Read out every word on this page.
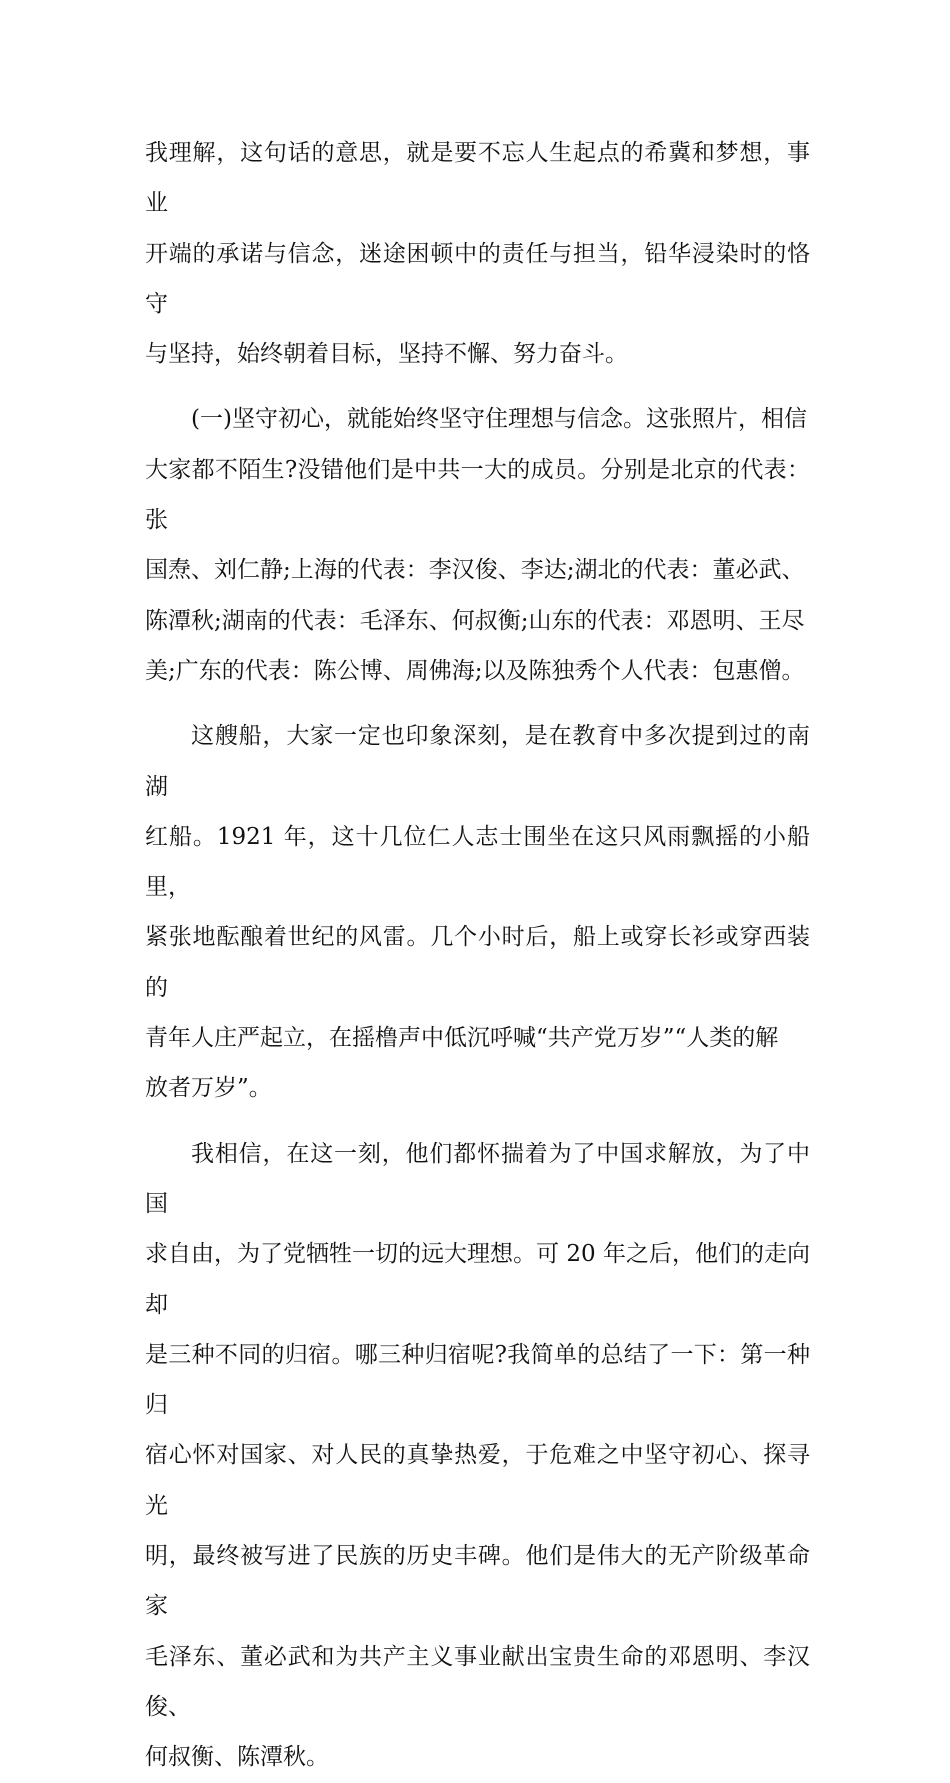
我理解，这句话的意思，就是要不忘人生起点的希冀和梦想，事业
开端的承诺与信念，迷途困顿中的责任与担当，铅华浸染时的恪守
与坚持，始终朝着目标，坚持不懈、努力奋斗。

(一)坚守初心，就能始终坚守住理想与信念。这张照片，相信
大家都不陌生?没错他们是中共一大的成员。分别是北京的代表：张
国焘、刘仁静;上海的代表：李汉俊、李达;湖北的代表：董必武、
陈潭秋;湖南的代表：毛泽东、何叔衡;山东的代表：邓恩明、王尽
美;广东的代表：陈公博、周佛海;以及陈独秀个人代表：包惠僧。

这艘船，大家一定也印象深刻，是在教育中多次提到过的南湖
红船。1921 年，这十几位仁人志士围坐在这只风雨飘摇的小船里，
紧张地酝酿着世纪的风雷。几个小时后，船上或穿长衫或穿西装的
青年人庄严起立，在摇橹声中低沉呼喊“共产党万岁”“人类的解
放者万岁”。

我相信，在这一刻，他们都怀揣着为了中国求解放，为了中国
求自由，为了党牺牲一切的远大理想。可 20 年之后，他们的走向却
是三种不同的归宿。哪三种归宿呢?我简单的总结了一下：第一种归
宿心怀对国家、对人民的真挚热爱，于危难之中坚守初心、探寻光
明，最终被写进了民族的历史丰碑。他们是伟大的无产阶级革命家
毛泽东、董必武和为共产主义事业献出宝贵生命的邓恩明、李汉俊、
何叔衡、陈潭秋。
